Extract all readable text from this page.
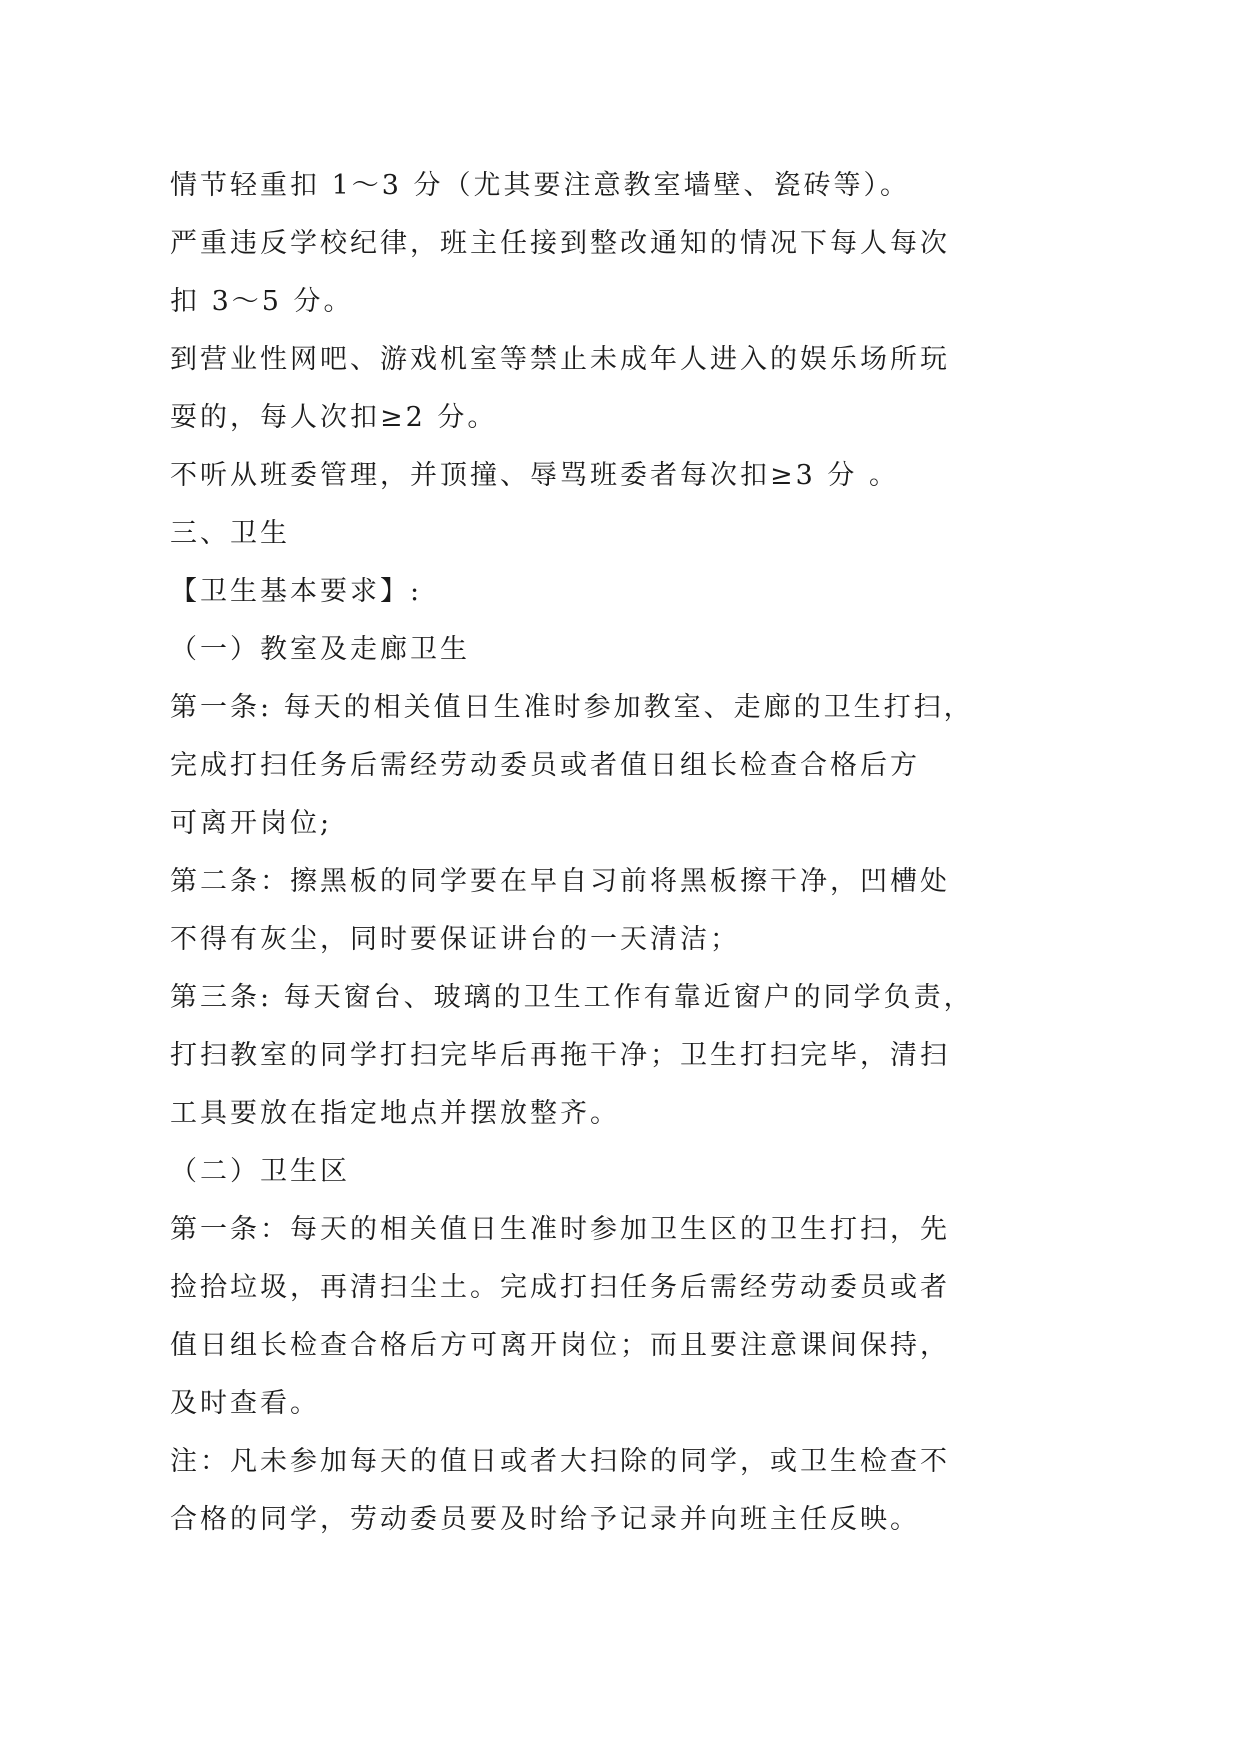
情节轻重扣 1～3 分（尤其要注意教室墙壁、瓷砖等）。
严重违反学校纪律，班主任接到整改通知的情况下每人每次
扣 3～5 分。
到营业性网吧、游戏机室等禁止未成年人进入的娱乐场所玩
耍的，每人次扣≥2 分。
不听从班委管理，并顶撞、辱骂班委者每次扣≥3 分 。
三、卫生
【卫生基本要求】:
（一）教室及走廊卫生
第一条: 每天的相关值日生准时参加教室、走廊的卫生打扫，
完成打扫任务后需经劳动委员或者值日组长检查合格后方
可离开岗位;
第二条：擦黑板的同学要在早自习前将黑板擦干净，凹槽处
不得有灰尘，同时要保证讲台的一天清洁；
第三条: 每天窗台、玻璃的卫生工作有靠近窗户的同学负责，
打扫教室的同学打扫完毕后再拖干净；卫生打扫完毕，清扫
工具要放在指定地点并摆放整齐。
（二）卫生区
第一条：每天的相关值日生准时参加卫生区的卫生打扫，先
捡拾垃圾，再清扫尘土。完成打扫任务后需经劳动委员或者
值日组长检查合格后方可离开岗位；而且要注意课间保持，
及时查看。
注：凡未参加每天的值日或者大扫除的同学，或卫生检查不
合格的同学，劳动委员要及时给予记录并向班主任反映。
